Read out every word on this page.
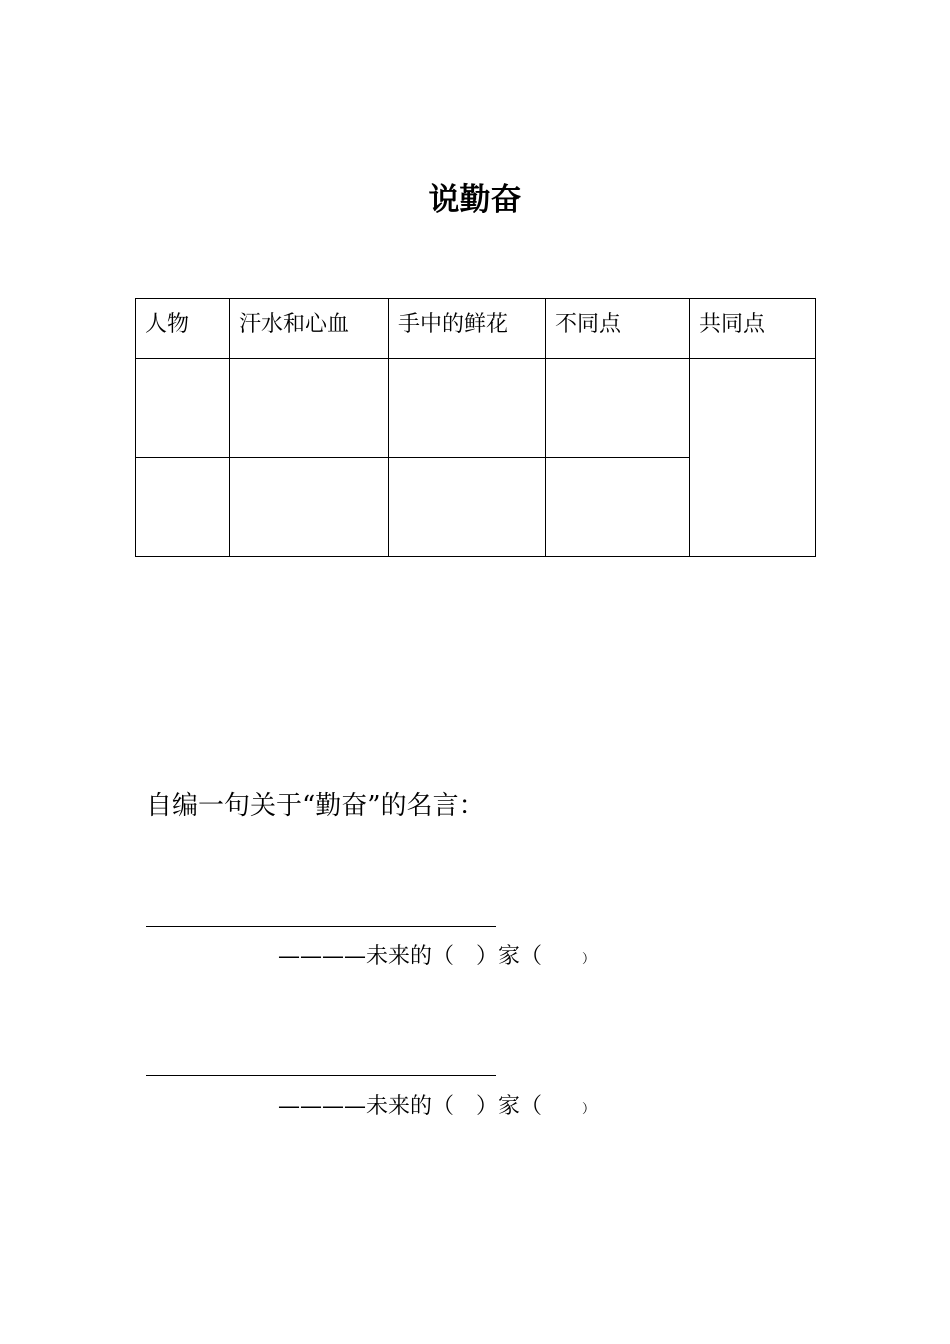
说勤奋
人物	汗水和心血	手中的鲜花	不同点	共同点

自编一句关于“勤奋”的名言：
————未来的（ ）家（	）
————未来的（ ）家（	）
